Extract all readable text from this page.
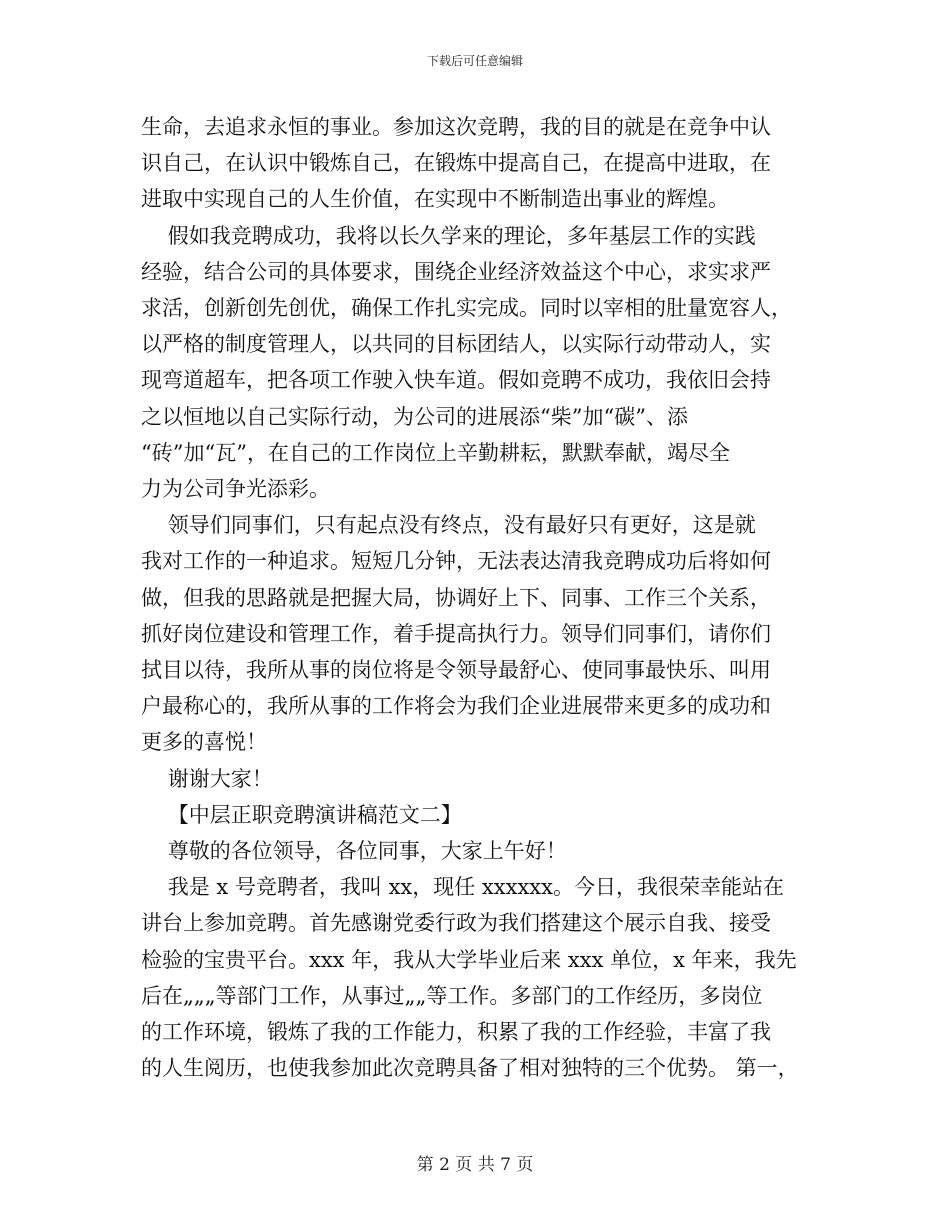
下载后可任意编辑
生命，去追求永恒的事业。参加这次竞聘，我的目的就是在竞争中认
识自己，在认识中锻炼自己，在锻炼中提高自己，在提高中进取，在
进取中实现自己的人生价值，在实现中不断制造出事业的辉煌。
假如我竞聘成功，我将以长久学来的理论，多年基层工作的实践
经验，结合公司的具体要求，围绕企业经济效益这个中心，求实求严
求活，创新创先创优，确保工作扎实完成。同时以宰相的肚量宽容人，
以严格的制度管理人，以共同的目标团结人，以实际行动带动人，实
现弯道超车，把各项工作驶入快车道。假如竞聘不成功，我依旧会持
之以恒地以自己实际行动，为公司的进展添“柴”加“碳”、添
“砖”加“瓦”，在自己的工作岗位上辛勤耕耘，默默奉献，竭尽全
力为公司争光添彩。
领导们同事们，只有起点没有终点，没有最好只有更好，这是就
我对工作的一种追求。短短几分钟，无法表达清我竞聘成功后将如何
做，但我的思路就是把握大局，协调好上下、同事、工作三个关系，
抓好岗位建设和管理工作，着手提高执行力。领导们同事们，请你们
拭目以待，我所从事的岗位将是令领导最舒心、使同事最快乐、叫用
户最称心的，我所从事的工作将会为我们企业进展带来更多的成功和
更多的喜悦！
谢谢大家！
【中层正职竞聘演讲稿范文二】
尊敬的各位领导，各位同事，大家上午好！
我是 x 号竞聘者，我叫 xx，现任 xxxxxx。今日，我很荣幸能站在
讲台上参加竞聘。首先感谢党委行政为我们搭建这个展示自我、接受
检验的宝贵平台。xxx 年，我从大学毕业后来 xxx 单位，x 年来，我先
后在„„„等部门工作，从事过„„等工作。多部门的工作经历，多岗位
的工作环境，锻炼了我的工作能力，积累了我的工作经验，丰富了我
的人生阅历，也使我参加此次竞聘具备了相对独特的三个优势。 第一，
第 2 页 共 7 页
